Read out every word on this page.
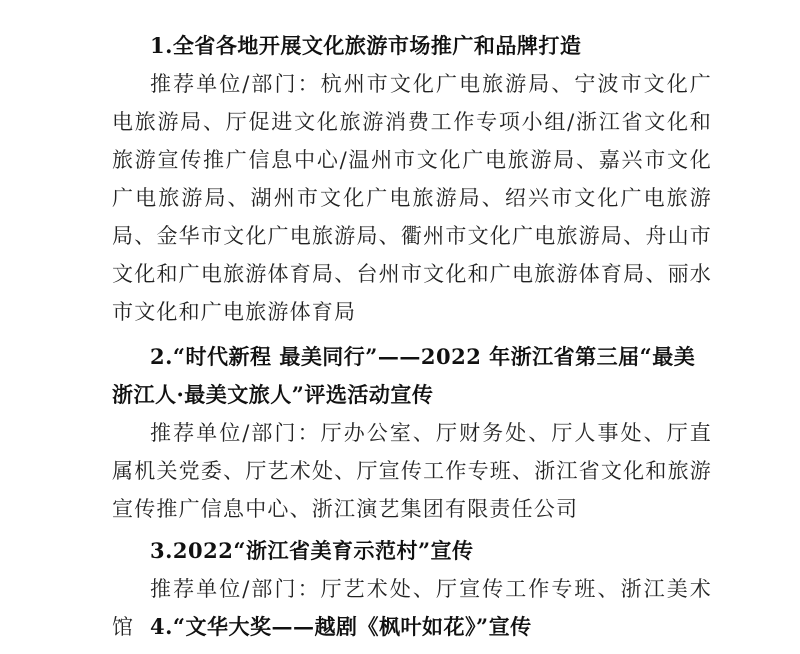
1.全省各地开展文化旅游市场推广和品牌打造
推荐单位/部门：杭州市文化广电旅游局、宁波市文化广电旅游局、厅促进文化旅游消费工作专项小组/浙江省文化和旅游宣传推广信息中心/温州市文化广电旅游局、嘉兴市文化广电旅游局、湖州市文化广电旅游局、绍兴市文化广电旅游局、金华市文化广电旅游局、衢州市文化广电旅游局、舟山市文化和广电旅游体育局、台州市文化和广电旅游体育局、丽水市文化和广电旅游体育局
2.“时代新程 最美同行”——2022 年浙江省第三届“最美浙江人·最美文旅人”评选活动宣传
推荐单位/部门：厅办公室、厅财务处、厅人事处、厅直属机关党委、厅艺术处、厅宣传工作专班、浙江省文化和旅游宣传推广信息中心、浙江演艺集团有限责任公司
3.2022“浙江省美育示范村”宣传
推荐单位/部门：厅艺术处、厅宣传工作专班、浙江美术馆 4.“文华大奖——越剧《枫叶如花》”宣传
